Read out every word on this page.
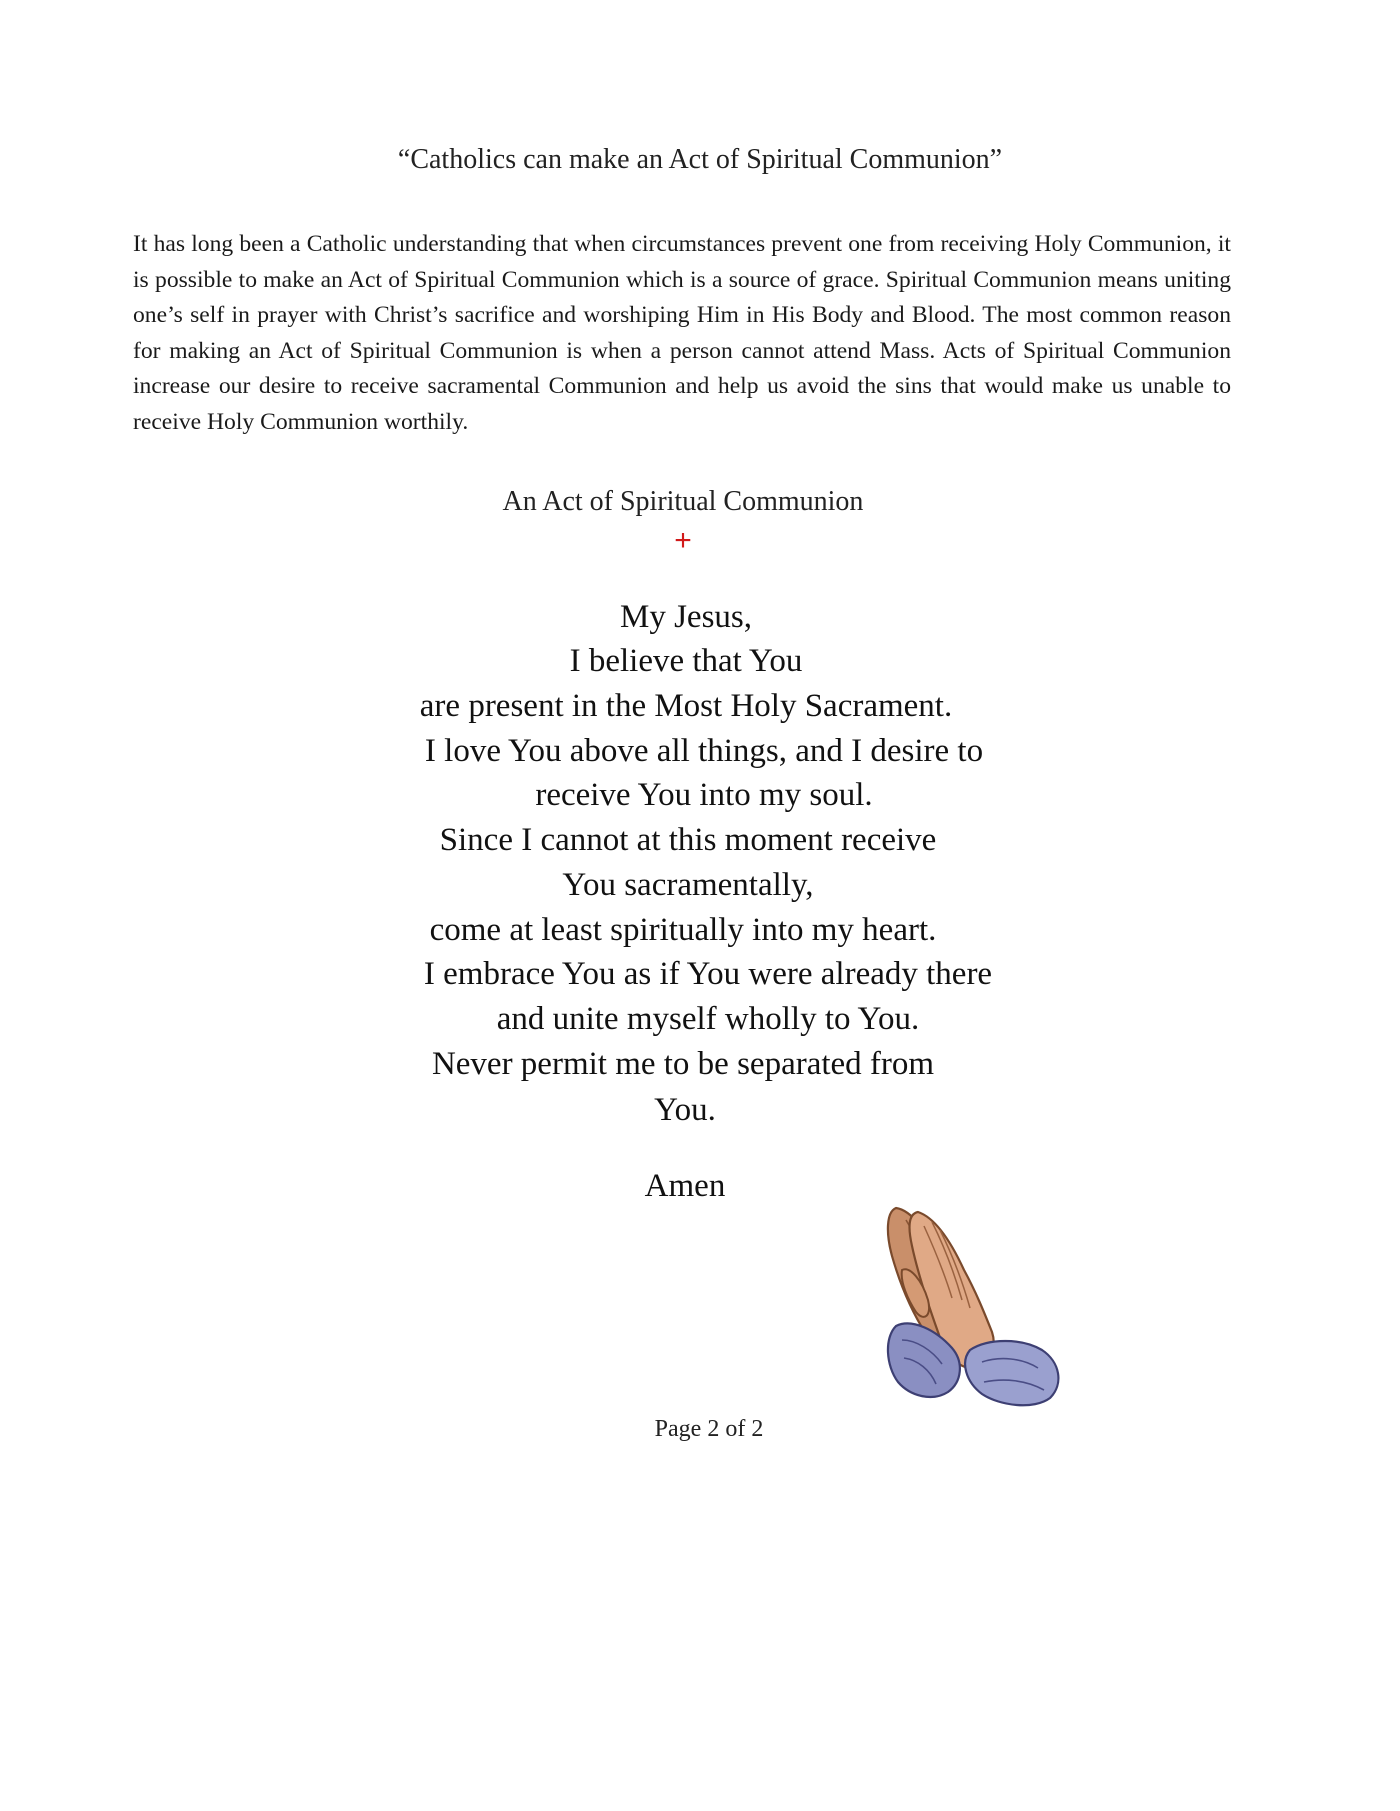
“Catholics can make an Act of Spiritual Communion”

It has long been a Catholic understanding that when circumstances prevent one from receiving Holy Communion, it is possible to make an Act of Spiritual Communion which is a source of grace. Spiritual Communion means uniting one’s self in prayer with Christ’s sacrifice and worshiping Him in His Body and Blood. The most common reason for making an Act of Spiritual Communion is when a person cannot attend Mass. Acts of Spiritual Communion increase our desire to receive sacramental Communion and help us avoid the sins that would make us unable to receive Holy Communion worthily.

An Act of Spiritual Communion
+
My Jesus,
I believe that You
are present in the Most Holy Sacrament.
I love You above all things, and I desire to
receive You into my soul.
Since I cannot at this moment receive
You sacramentally,
come at least spiritually into my heart.
I embrace You as if You were already there
and unite myself wholly to You.
Never permit me to be separated from
You.
Amen
Page 2 of 2
